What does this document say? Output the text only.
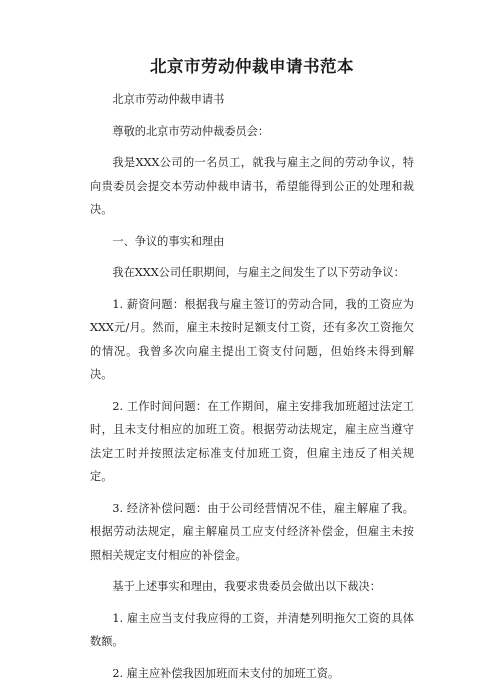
北京市劳动仲裁申请书范本
北京市劳动仲裁申请书
尊敬的北京市劳动仲裁委员会：
我是XXX公司的一名员工，就我与雇主之间的劳动争议，特向贵委员会提交本劳动仲裁申请书，希望能得到公正的处理和裁决。
一、争议的事实和理由
我在XXX公司任职期间，与雇主之间发生了以下劳动争议：
1. 薪资问题：根据我与雇主签订的劳动合同，我的工资应为XXX元/月。然而，雇主未按时足额支付工资，还有多次工资拖欠的情况。我曾多次向雇主提出工资支付问题，但始终未得到解决。
2. 工作时间问题：在工作期间，雇主安排我加班超过法定工时，且未支付相应的加班工资。根据劳动法规定，雇主应当遵守法定工时并按照法定标准支付加班工资，但雇主违反了相关规定。
3. 经济补偿问题：由于公司经营情况不佳，雇主解雇了我。根据劳动法规定，雇主解雇员工应支付经济补偿金，但雇主未按照相关规定支付相应的补偿金。
基于上述事实和理由，我要求贵委员会做出以下裁决：
1. 雇主应当支付我应得的工资，并清楚列明拖欠工资的具体数额。
2. 雇主应补偿我因加班而未支付的加班工资。
